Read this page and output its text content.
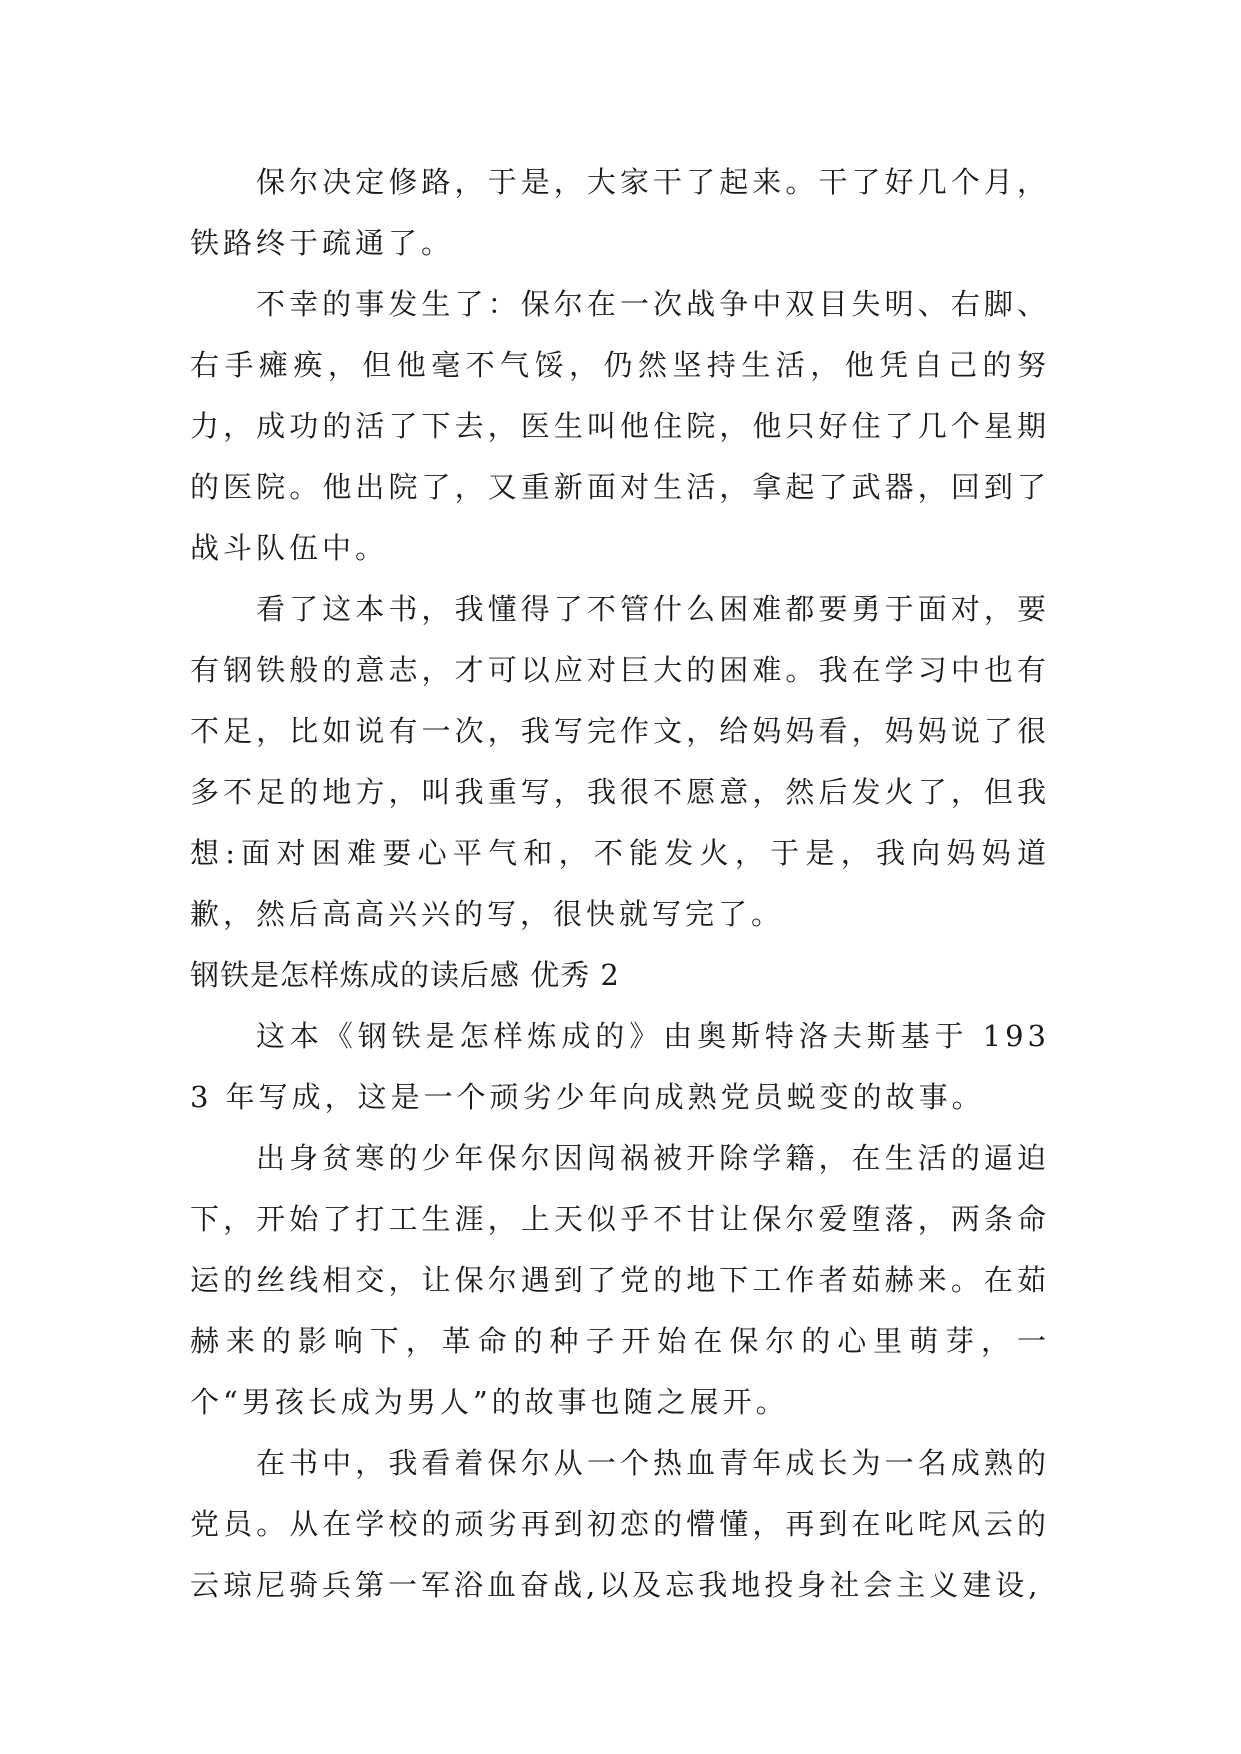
保尔决定修路，于是，大家干了起来。干了好几个月，铁路终于疏通了。

不幸的事发生了：保尔在一次战争中双目失明、右脚、右手瘫痪，但他毫不气馁，仍然坚持生活，他凭自己的努力，成功的活了下去，医生叫他住院，他只好住了几个星期的医院。他出院了，又重新面对生活，拿起了武器，回到了战斗队伍中。

看了这本书，我懂得了不管什么困难都要勇于面对，要有钢铁般的意志，才可以应对巨大的困难。我在学习中也有不足，比如说有一次，我写完作文，给妈妈看，妈妈说了很多不足的地方，叫我重写，我很不愿意，然后发火了，但我想:面对困难要心平气和，不能发火，于是，我向妈妈道歉，然后高高兴兴的写，很快就写完了。

钢铁是怎样炼成的读后感 优秀 2

这本《钢铁是怎样炼成的》由奥斯特洛夫斯基于 1933 年写成，这是一个顽劣少年向成熟党员蜕变的故事。

出身贫寒的少年保尔因闯祸被开除学籍，在生活的逼迫下，开始了打工生涯，上天似乎不甘让保尔爱堕落，两条命运的丝线相交，让保尔遇到了党的地下工作者茹赫来。在茹赫来的影响下，革命的种子开始在保尔的心里萌芽，一个“男孩长成为男人”的故事也随之展开。

在书中，我看着保尔从一个热血青年成长为一名成熟的党员。从在学校的顽劣再到初恋的懵懂，再到在叱咤风云的云琼尼骑兵第一军浴血奋战,以及忘我地投身社会主义建设,
